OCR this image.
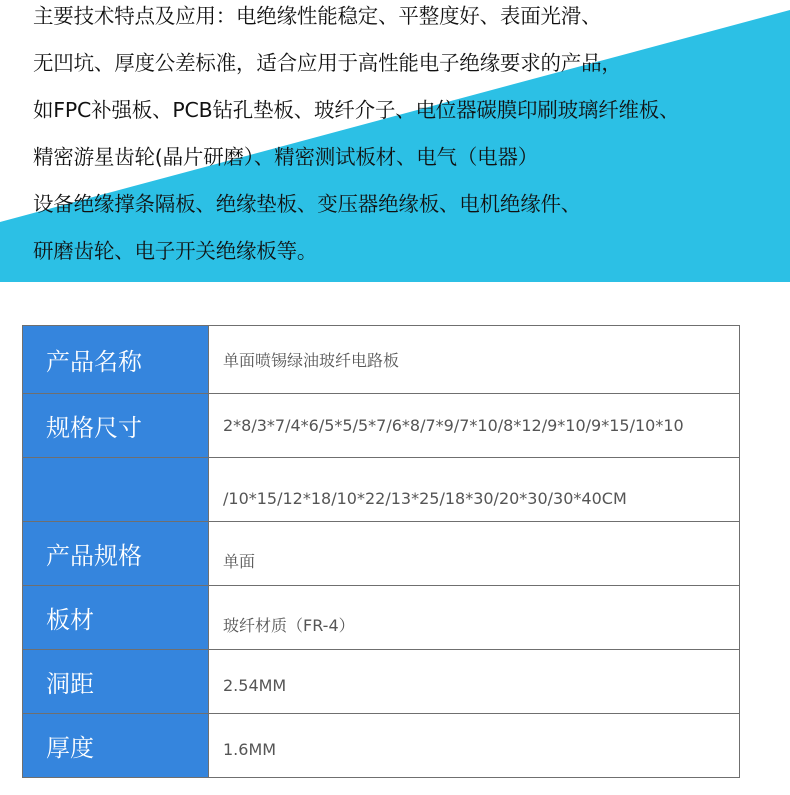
主要技术特点及应用：电绝缘性能稳定、平整度好、表面光滑、
无凹坑、厚度公差标准，适合应用于高性能电子绝缘要求的产品，
如FPC补强板、PCB钻孔垫板、玻纤介子、电位器碳膜印刷玻璃纤维板、
精密游星齿轮(晶片研磨）、精密测试板材、电气（电器）
设备绝缘撑条隔板、绝缘垫板、变压器绝缘板、电机绝缘件、
研磨齿轮、电子开关绝缘板等。
产品名称	单面喷锡绿油玻纤电路板
规格尺寸	2*8/3*7/4*6/5*5/5*7/6*8/7*9/7*10/8*12/9*10/9*15/10*10
	/10*15/12*18/10*22/13*25/18*30/20*30/30*40CM
产品规格	单面
板材	玻纤材质（FR-4）
洞距	2.54MM
厚度	1.6MM
